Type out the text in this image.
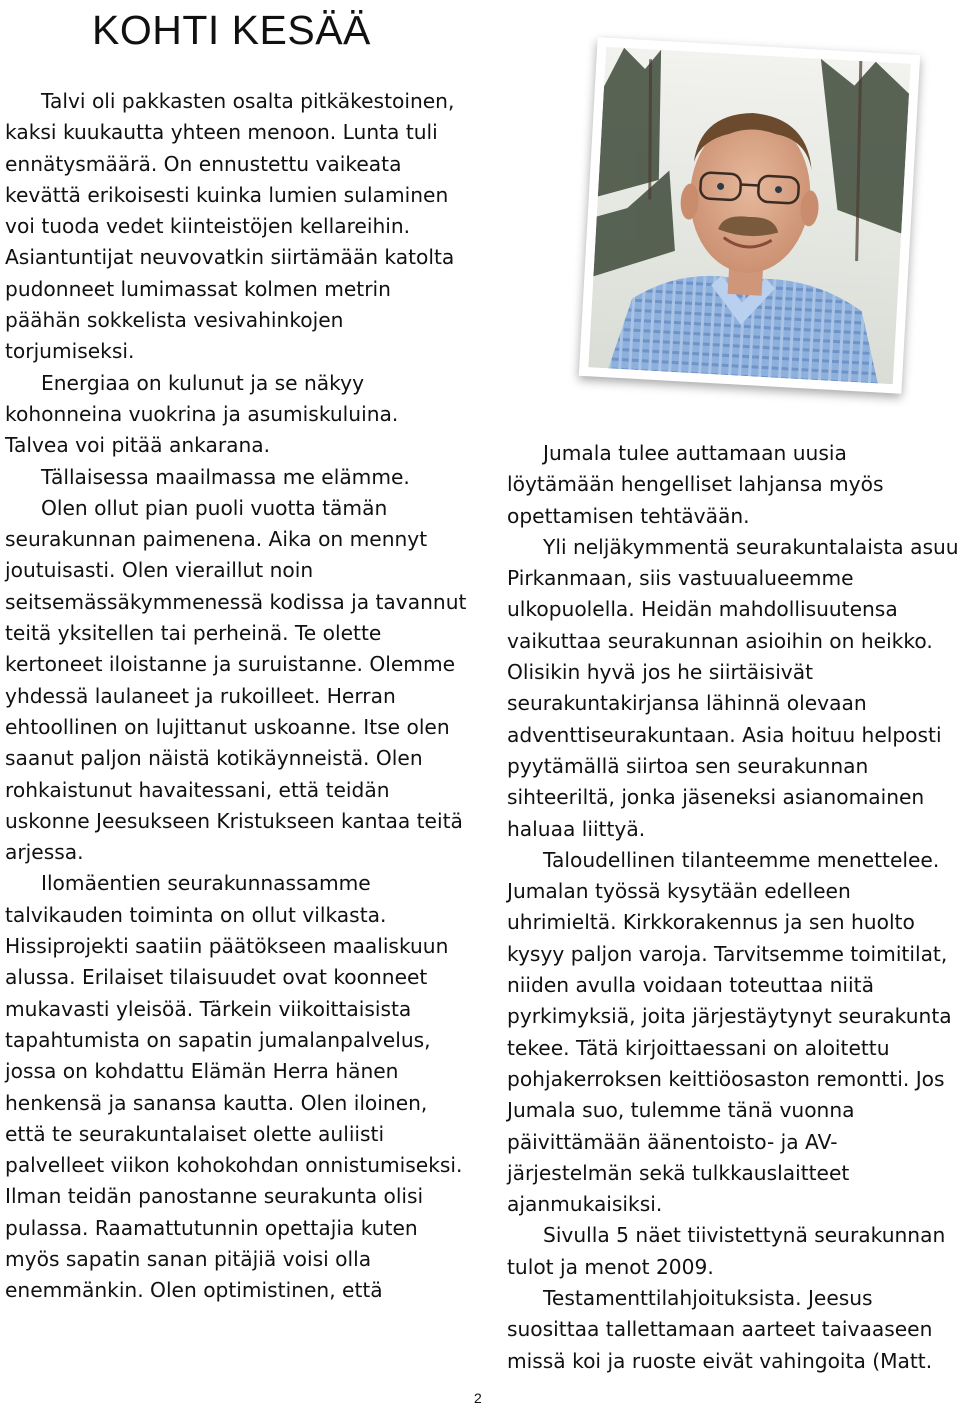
KOHTI KESÄÄ

Talvi oli pakkasten osalta pitkäkestoinen, kaksi kuukautta yhteen menoon. Lunta tuli ennätysmäärä. On ennustettu vaikeata kevättä erikoisesti kuinka lumien sulaminen voi tuoda vedet kiinteistöjen kellareihin. Asiantuntijat neuvovatkin siirtämään katolta pudonneet lumimassat kolmen metrin päähän sokkelista vesivahinkojen torjumiseksi.

Energiaa on kulunut ja se näkyy kohonneina vuokrina ja asumiskuluina. Talvea voi pitää ankarana.

Tällaisessa maailmassa me elämme.

Olen ollut pian puoli vuotta tämän seurakunnan paimenena. Aika on mennyt joutuisasti. Olen vieraillut noin seitsemässäkymmenessä kodissa ja tavannut teitä yksitellen tai perheinä. Te olette kertoneet iloistanne ja suruistanne. Olemme yhdessä laulaneet ja rukoilleet. Herran ehtoollinen on lujittanut uskoanne. Itse olen saanut paljon näistä kotikäynneistä. Olen rohkaistunut havaitessani, että teidän uskonne Jeesukseen Kristukseen kantaa teitä arjessa.

Ilomäentien seurakunnassamme talvikauden toiminta on ollut vilkasta. Hissiprojekti saatiin päätökseen maaliskuun alussa. Erilaiset tilaisuudet ovat koonneet mukavasti yleisöä. Tärkein viikoittaisista tapahtumista on sapatin jumalanpalvelus, jossa on kohdattu Elämän Herra hänen henkensä ja sanansa kautta. Olen iloinen, että te seurakuntalaiset olette auliisti palvelleet viikon kohokohdan onnistumiseksi. Ilman teidän panostanne seurakunta olisi pulassa. Raamattutunnin opettajia kuten myös sapatin sanan pitäjiä voisi olla enemmänkin. Olen optimistinen, että

Jumala tulee auttamaan uusia löytämään hengelliset lahjansa myös opettamisen tehtävään.

Yli neljäkymmentä seurakuntalaista asuu Pirkanmaan, siis vastuualueemme ulkopuolella. Heidän mahdollisuutensa vaikuttaa seurakunnan asioihin on heikko. Olisikin hyvä jos he siirtäisivät seurakuntakirjansa lähinnä olevaan adventtiseurakuntaan. Asia hoituu helposti pyytämällä siirtoa sen seurakunnan sihteeriltä, jonka jäseneksi asianomainen haluaa liittyä.

Taloudellinen tilanteemme menettelee. Jumalan työssä kysytään edelleen uhrimieltä. Kirkkorakennus ja sen huolto kysyy paljon varoja. Tarvitsemme toimitilat, niiden avulla voidaan toteuttaa niitä pyrkimyksiä, joita järjestäytynyt seurakunta tekee. Tätä kirjoittaessani on aloitettu pohjakerroksen keittiöosaston remontti. Jos Jumala suo, tulemme tänä vuonna päivittämään äänentoisto- ja AV-järjestelmän sekä tulkkauslaitteet ajanmukaisiksi.

Sivulla 5 näet tiivistettynä seurakunnan tulot ja menot 2009.

Testamenttilahjoituksista. Jeesus suosittaa tallettamaan aarteet taivaaseen missä koi ja ruoste eivät vahingoita (Matt.

2
